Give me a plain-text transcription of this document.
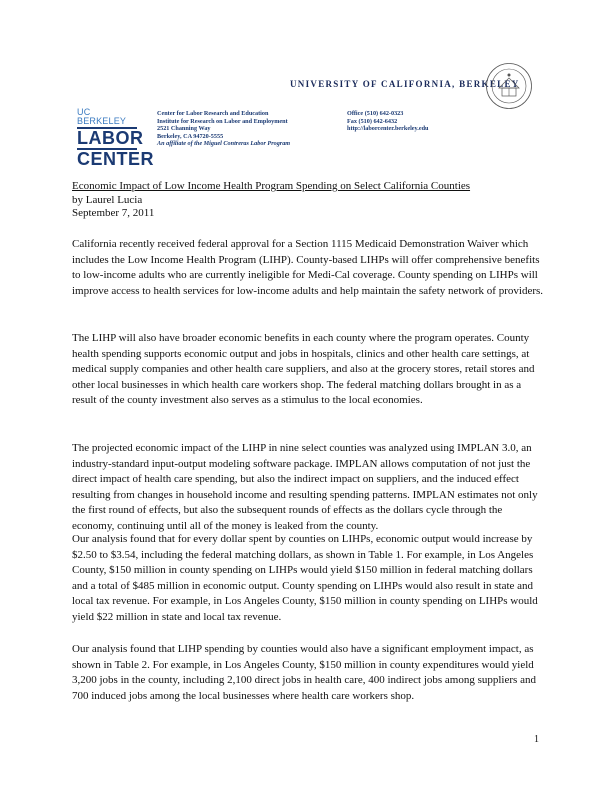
UNIVERSITY OF CALIFORNIA, BERKELEY
UC BERKELEY
LABOR
CENTER
Center for Labor Research and Education
Institute for Research on Labor and Employment
2521 Channing Way
Berkeley, CA 94720-5555
An affiliate of the Miguel Contreras Labor Program
Office (510) 642-0323
Fax (510) 642-6432
http://laborcenter.berkeley.edu
Economic Impact of Low Income Health Program Spending on Select California Counties
by Laurel Lucia
September 7, 2011
California recently received federal approval for a Section 1115 Medicaid Demonstration Waiver which includes the Low Income Health Program (LIHP). County-based LIHPs will offer comprehensive benefits to low-income adults who are currently ineligible for Medi-Cal coverage. County spending on LIHPs will improve access to health services for low-income adults and help maintain the safety network of providers.
The LIHP will also have broader economic benefits in each county where the program operates. County health spending supports economic output and jobs in hospitals, clinics and other health care settings, at medical supply companies and other health care suppliers, and also at the grocery stores, retail stores and other local businesses in which health care workers shop. The federal matching dollars brought in as a result of the county investment also serves as a stimulus to the local economies.
The projected economic impact of the LIHP in nine select counties was analyzed using IMPLAN 3.0, an industry-standard input-output modeling software package. IMPLAN allows computation of not just the direct impact of health care spending, but also the indirect impact on suppliers, and the induced effect resulting from changes in household income and resulting spending patterns. IMPLAN estimates not only the first round of effects, but also the subsequent rounds of effects as the dollars cycle through the economy, continuing until all of the money is leaked from the county.
Our analysis found that for every dollar spent by counties on LIHPs, economic output would increase by $2.50 to $3.54, including the federal matching dollars, as shown in Table 1. For example, in Los Angeles County, $150 million in county spending on LIHPs would yield $150 million in federal matching dollars and a total of $485 million in economic output. County spending on LIHPs would also result in state and local tax revenue. For example, in Los Angeles County, $150 million in county spending on LIHPs would yield $22 million in state and local tax revenue.
Our analysis found that LIHP spending by counties would also have a significant employment impact, as shown in Table 2. For example, in Los Angeles County, $150 million in county expenditures would yield 3,200 jobs in the county, including 2,100 direct jobs in health care, 400 indirect jobs among suppliers and 700 induced jobs among the local businesses where health care workers shop.
1
